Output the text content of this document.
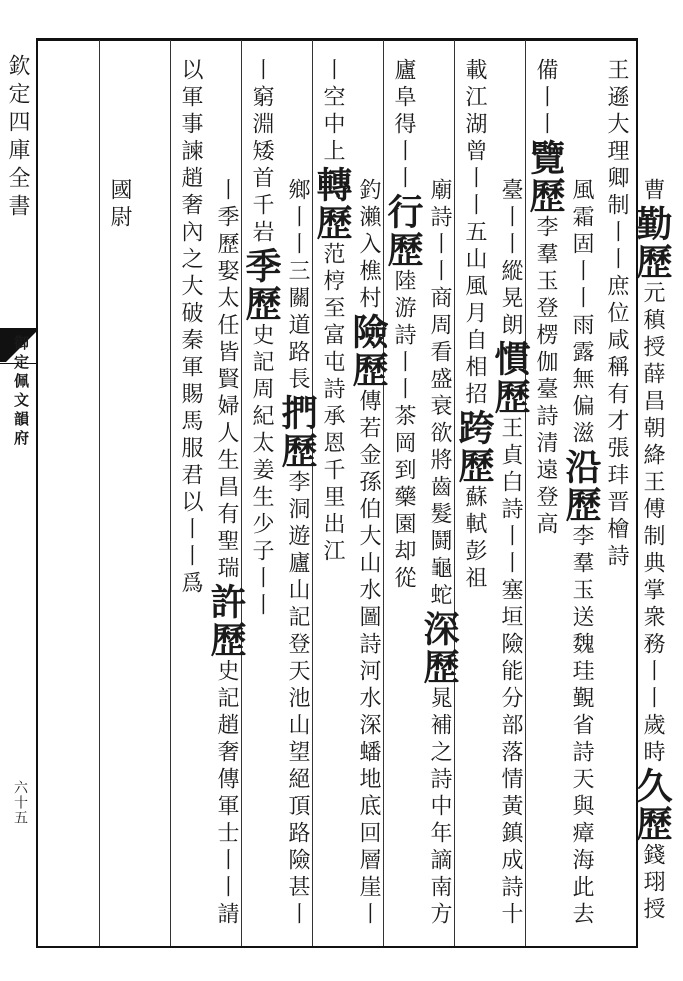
欽定四庫全書
御定佩文韻府
六十五

曹勤歷元稹授薛昌朝絳王傅制典掌衆務丨丨歲時久歷錢珝授王遜大理卿制丨丨庶位咸稱有才張玤晋檜詩

風霜固丨丨雨露無偏滋沿歷李羣玉送魏珪覲省詩天與瘴海此去備丨丨覽歷李羣玉登楞伽臺詩清遠登高

臺丨丨縱晃朗慣歷王貞白詩丨丨塞垣險能分部落情黃鎮成詩十載江湖曾丨丨五山風月自相招跨歷蘇軾彭祖

廟詩丨丨商周看盛衰欲將齒髮鬪龜蛇深歷晁補之詩中年謫南方廬阜得丨丨行歷陸游詩丨丨茶岡到藥園却從

釣瀨入樵村險歷傳若金孫伯大山水圖詩河水深蟠地底回層崖丨丨空中上轉歷范梈至富屯詩承恩千里出江

鄉丨丨三關道路長捫歷李洞遊廬山記登天池山望絕頂路險甚丨丨窮淵矮首千岩季歷史記周紀太姜生少子丨丨

丨季歷娶太任皆賢婦人生昌有聖瑞許歷史記趙奢傳軍士丨丨請以軍事諫趙奢內之大破秦軍賜馬服君以丨丨爲

國尉
